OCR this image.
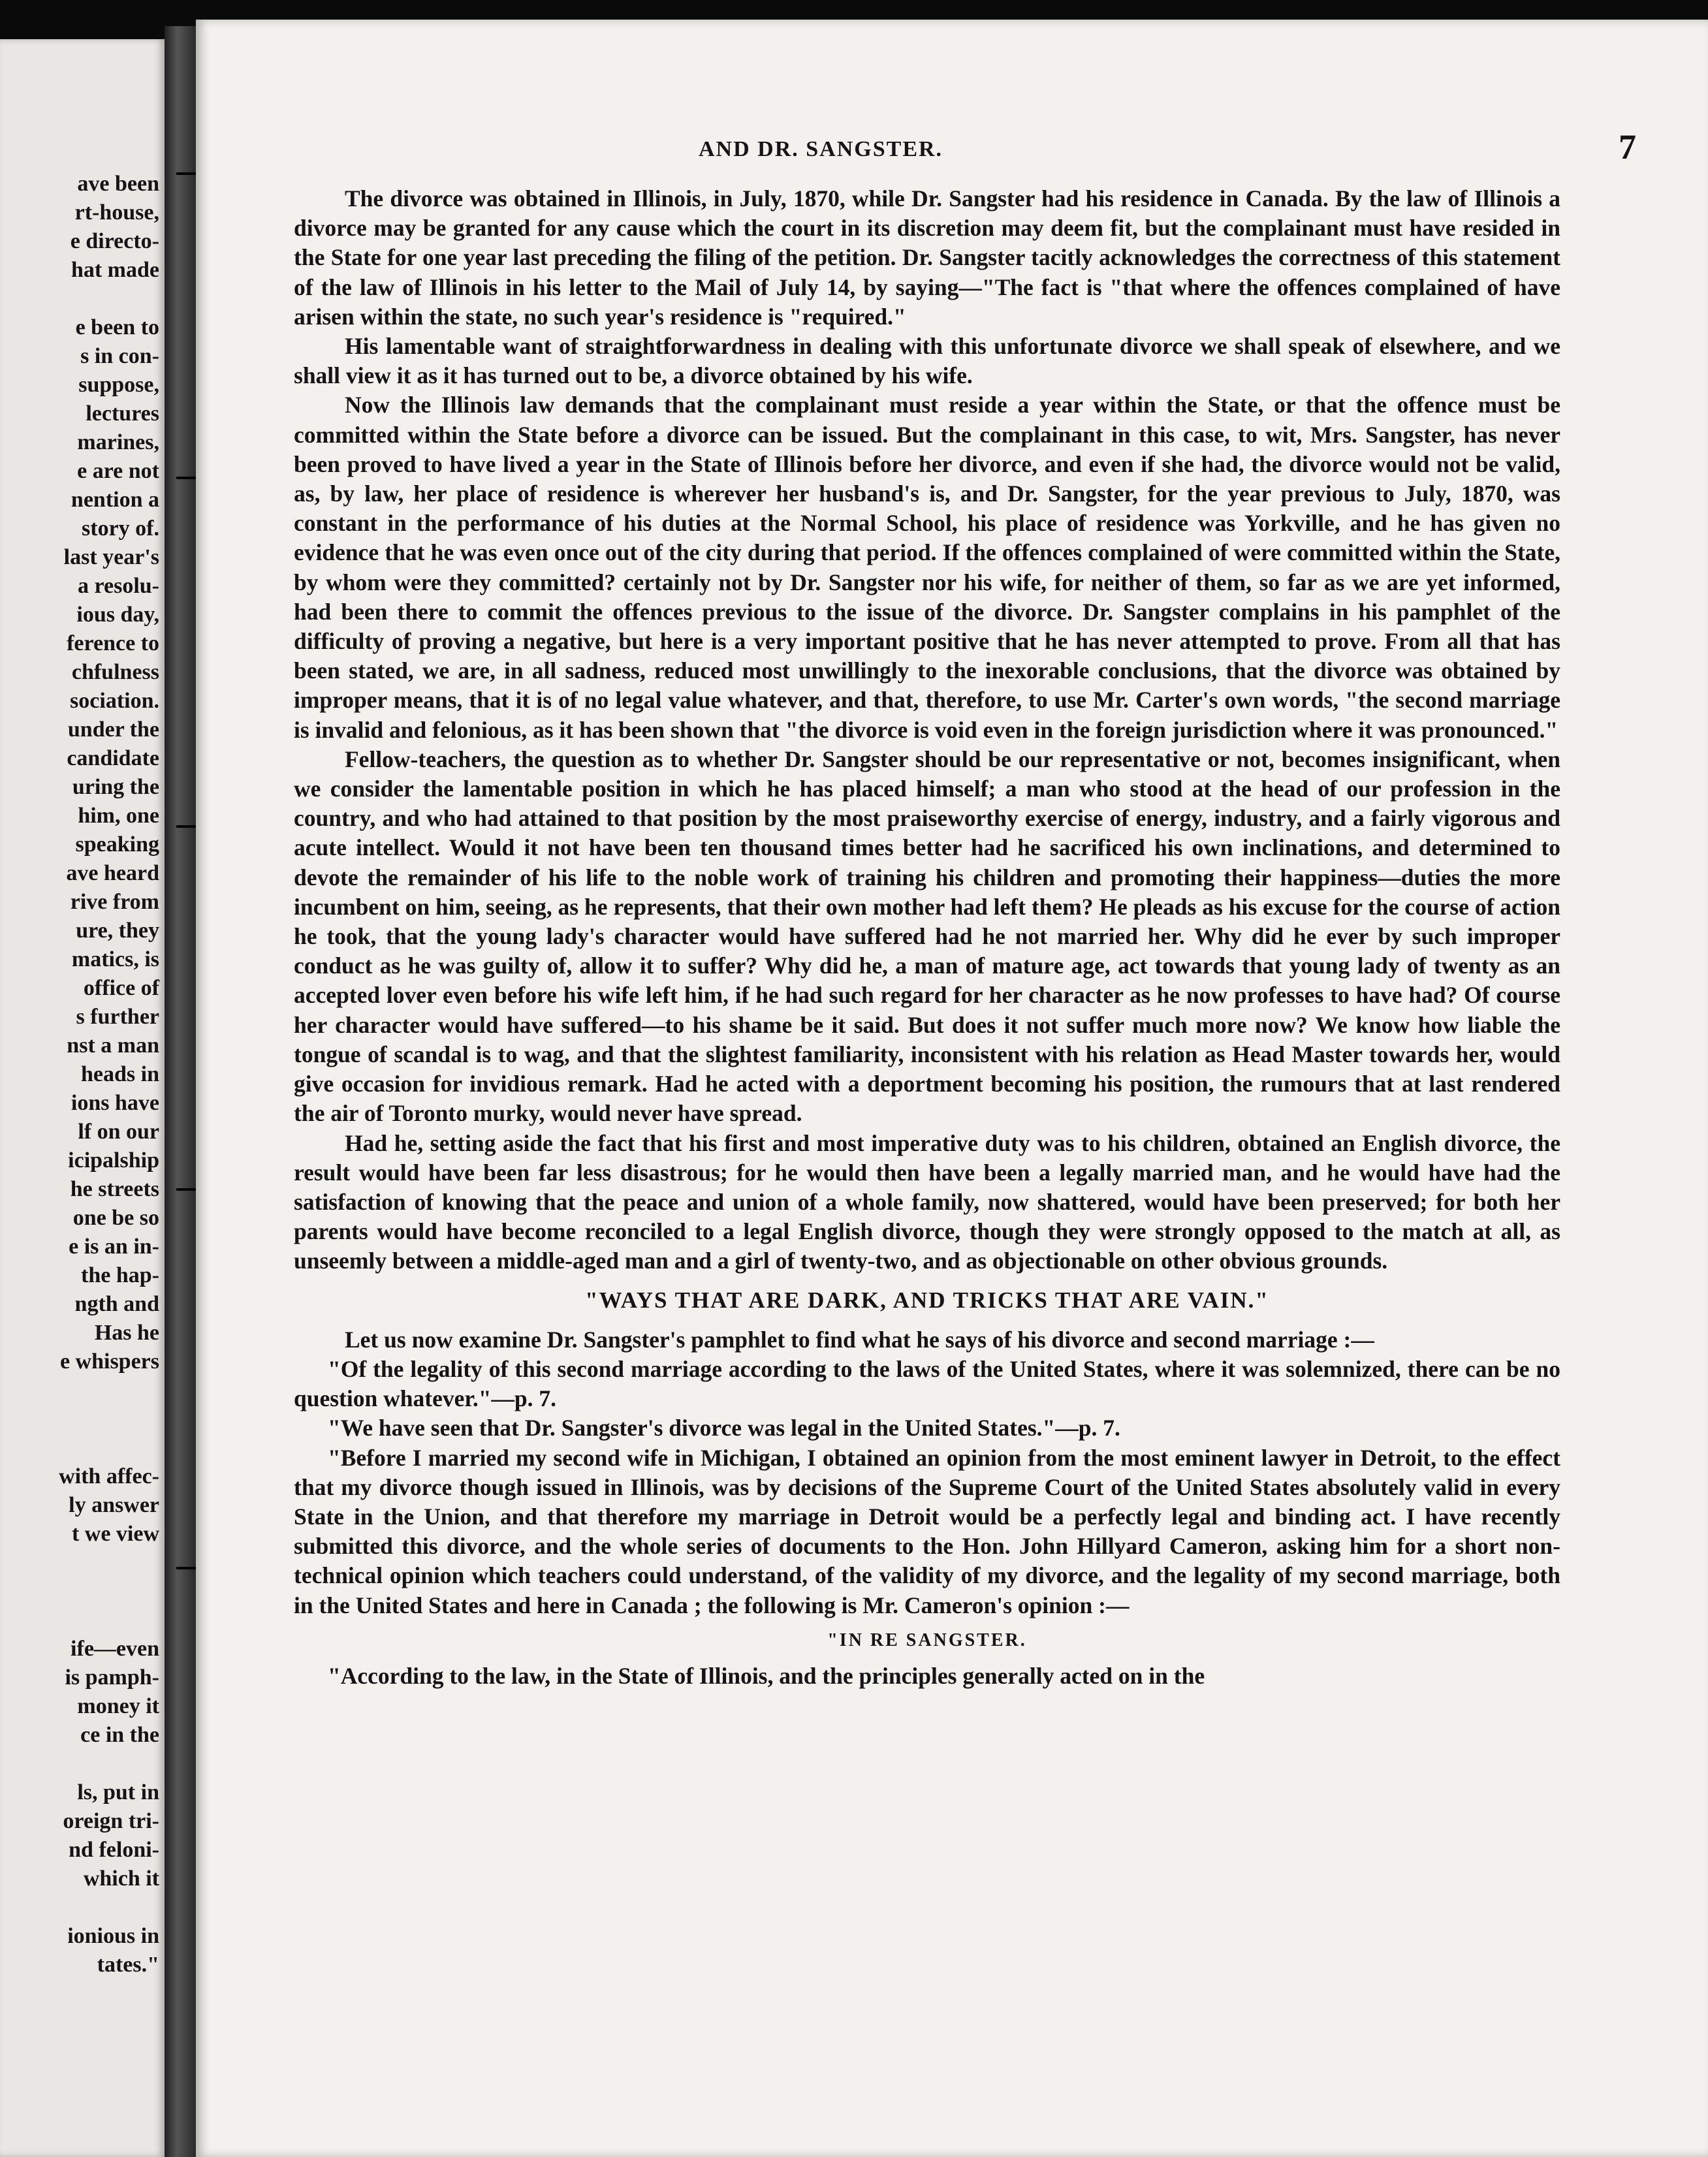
ave been
rt-house,
e directo-
hat made
e been to
s in con-
suppose,
lectures
marines,
e are not
nention a
story of.
last year's
a resolu-
ious day,
ference to
chfulness
sociation.
under the
candidate
uring the
him, one
speaking
ave heard
rive from
ure, they
matics, is
office of
s further
nst a man
heads in
ions have
lf on our
icipalship
he streets
one be so
e is an in-
the hap-
ngth and
Has he
e whispers
with affec-
ly answer
t we view
ife—even
is pamph-
money it
ce in the
ls, put in
oreign tri-
nd feloni-
which it
ionious in
tates."
AND DR. SANGSTER.	7

The divorce was obtained in Illinois, in July, 1870, while Dr. Sangster had his residence in Canada. By the law of Illinois a divorce may be granted for any cause which the court in its discretion may deem fit, but the complainant must have resided in the State for one year last preceding the filing of the petition. Dr. Sangster tacitly acknowledges the correctness of this statement of the law of Illinois in his letter to the Mail of July 14, by saying—"The fact is "that where the offences complained of have arisen within the state, no such year's residence is "required."

His lamentable want of straightforwardness in dealing with this unfortunate divorce we shall speak of elsewhere, and we shall view it as it has turned out to be, a divorce obtained by his wife.

Now the Illinois law demands that the complainant must reside a year within the State, or that the offence must be committed within the State before a divorce can be issued. But the complainant in this case, to wit, Mrs. Sangster, has never been proved to have lived a year in the State of Illinois before her divorce, and even if she had, the divorce would not be valid, as, by law, her place of residence is wherever her husband's is, and Dr. Sangster, for the year previous to July, 1870, was constant in the performance of his duties at the Normal School, his place of residence was Yorkville, and he has given no evidence that he was even once out of the city during that period. If the offences complained of were committed within the State, by whom were they committed? certainly not by Dr. Sangster nor his wife, for neither of them, so far as we are yet informed, had been there to commit the offences previous to the issue of the divorce. Dr. Sangster complains in his pamphlet of the difficulty of proving a negative, but here is a very important positive that he has never attempted to prove. From all that has been stated, we are, in all sadness, reduced most unwillingly to the inexorable conclusions, that the divorce was obtained by improper means, that it is of no legal value whatever, and that, therefore, to use Mr. Carter's own words, "the second marriage is invalid and felonious, as it has been shown that "the divorce is void even in the foreign jurisdiction where it was pronounced."

Fellow-teachers, the question as to whether Dr. Sangster should be our representative or not, becomes insignificant, when we consider the lamentable position in which he has placed himself; a man who stood at the head of our profession in the country, and who had attained to that position by the most praiseworthy exercise of energy, industry, and a fairly vigorous and acute intellect. Would it not have been ten thousand times better had he sacrificed his own inclinations, and determined to devote the remainder of his life to the noble work of training his children and promoting their happiness—duties the more incumbent on him, seeing, as he represents, that their own mother had left them? He pleads as his excuse for the course of action he took, that the young lady's character would have suffered had he not married her. Why did he ever by such improper conduct as he was guilty of, allow it to suffer? Why did he, a man of mature age, act towards that young lady of twenty as an accepted lover even before his wife left him, if he had such regard for her character as he now professes to have had? Of course her character would have suffered—to his shame be it said. But does it not suffer much more now? We know how liable the tongue of scandal is to wag, and that the slightest familiarity, inconsistent with his relation as Head Master towards her, would give occasion for invidious remark. Had he acted with a deportment becoming his position, the rumours that at last rendered the air of Toronto murky, would never have spread.

Had he, setting aside the fact that his first and most imperative duty was to his children, obtained an English divorce, the result would have been far less disastrous; for he would then have been a legally married man, and he would have had the satisfaction of knowing that the peace and union of a whole family, now shattered, would have been preserved; for both her parents would have become reconciled to a legal English divorce, though they were strongly opposed to the match at all, as unseemly between a middle-aged man and a girl of twenty-two, and as objectionable on other obvious grounds.

"WAYS THAT ARE DARK, AND TRICKS THAT ARE VAIN."

Let us now examine Dr. Sangster's pamphlet to find what he says of his divorce and second marriage :—

"Of the legality of this second marriage according to the laws of the United States, where it was solemnized, there can be no question whatever."—p. 7.

"We have seen that Dr. Sangster's divorce was legal in the United States."—p. 7.

"Before I married my second wife in Michigan, I obtained an opinion from the most eminent lawyer in Detroit, to the effect that my divorce though issued in Illinois, was by decisions of the Supreme Court of the United States absolutely valid in every State in the Union, and that therefore my marriage in Detroit would be a perfectly legal and binding act. I have recently submitted this divorce, and the whole series of documents to the Hon. John Hillyard Cameron, asking him for a short non-technical opinion which teachers could understand, of the validity of my divorce, and the legality of my second marriage, both in the United States and here in Canada ; the following is Mr. Cameron's opinion :—

"IN RE SANGSTER.

"According to the law, in the State of Illinois, and the principles generally acted on in the
